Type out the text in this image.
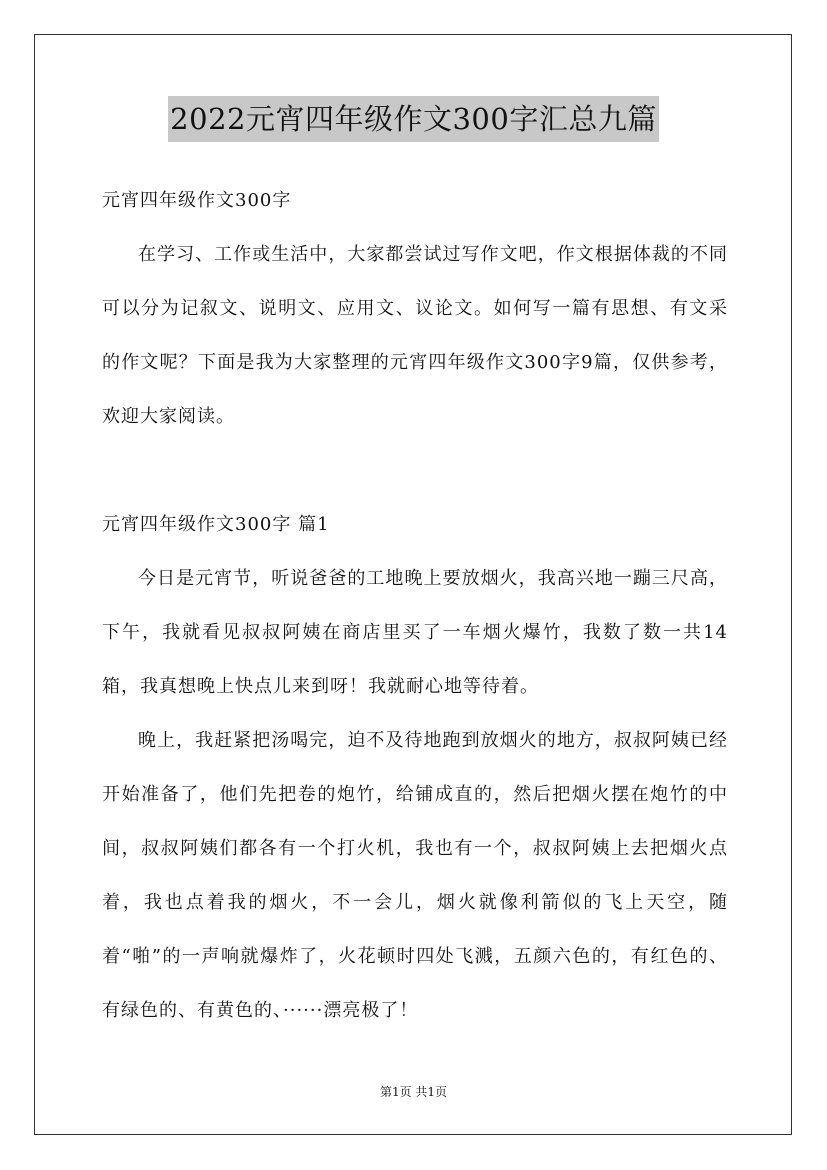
2022元宵四年级作文300字汇总九篇

元宵四年级作文300字

在学习、工作或生活中，大家都尝试过写作文吧，作文根据体裁的不同可以分为记叙文、说明文、应用文、议论文。如何写一篇有思想、有文采的作文呢？下面是我为大家整理的元宵四年级作文300字9篇，仅供参考，欢迎大家阅读。

元宵四年级作文300字 篇1

今日是元宵节，听说爸爸的工地晚上要放烟火，我高兴地一蹦三尺高，下午，我就看见叔叔阿姨在商店里买了一车烟火爆竹，我数了数一共14箱，我真想晚上快点儿来到呀！我就耐心地等待着。

晚上，我赶紧把汤喝完，迫不及待地跑到放烟火的地方，叔叔阿姨已经开始准备了，他们先把卷的炮竹，给铺成直的，然后把烟火摆在炮竹的中间，叔叔阿姨们都各有一个打火机，我也有一个，叔叔阿姨上去把烟火点着，我也点着我的烟火，不一会儿，烟火就像利箭似的飞上天空，随着“啪”的一声响就爆炸了，火花顿时四处飞溅，五颜六色的，有红色的、有绿色的、有黄色的、······漂亮极了！

第1页 共1页
